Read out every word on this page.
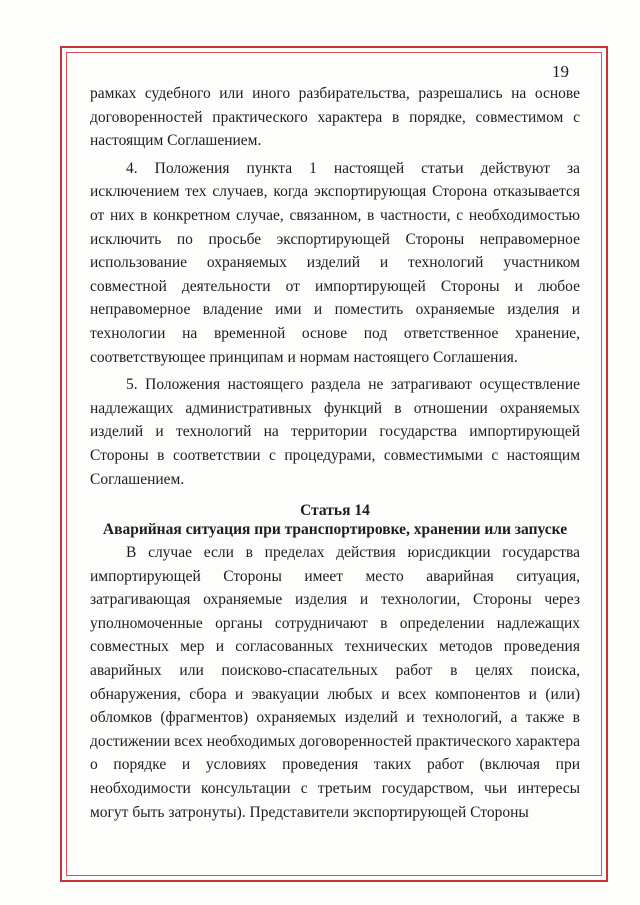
19

рамках судебного или иного разбирательства, разрешались на основе договоренностей практического характера в порядке, совместимом с настоящим Соглашением.

4. Положения пункта 1 настоящей статьи действуют за исключением тех случаев, когда экспортирующая Сторона отказывается от них в конкретном случае, связанном, в частности, с необходимостью исключить по просьбе экспортирующей Стороны неправомерное использование охраняемых изделий и технологий участником совместной деятельности от импортирующей Стороны и любое неправомерное владение ими и поместить охраняемые изделия и технологии на временной основе под ответственное хранение, соответствующее принципам и нормам настоящего Соглашения.

5. Положения настоящего раздела не затрагивают осуществление надлежащих административных функций в отношении охраняемых изделий и технологий на территории государства импортирующей Стороны в соответствии с процедурами, совместимыми с настоящим Соглашением.

Статья 14

Аварийная ситуация при транспортировке, хранении или запуске

В случае если в пределах действия юрисдикции государства импортирующей Стороны имеет место аварийная ситуация, затрагивающая охраняемые изделия и технологии, Стороны через уполномоченные органы сотрудничают в определении надлежащих совместных мер и согласованных технических методов проведения аварийных или поисково-спасательных работ в целях поиска, обнаружения, сбора и эвакуации любых и всех компонентов и (или) обломков (фрагментов) охраняемых изделий и технологий, а также в достижении всех необходимых договоренностей практического характера о порядке и условиях проведения таких работ (включая при необходимости консультации с третьим государством, чьи интересы могут быть затронуты). Представители экспортирующей Стороны
